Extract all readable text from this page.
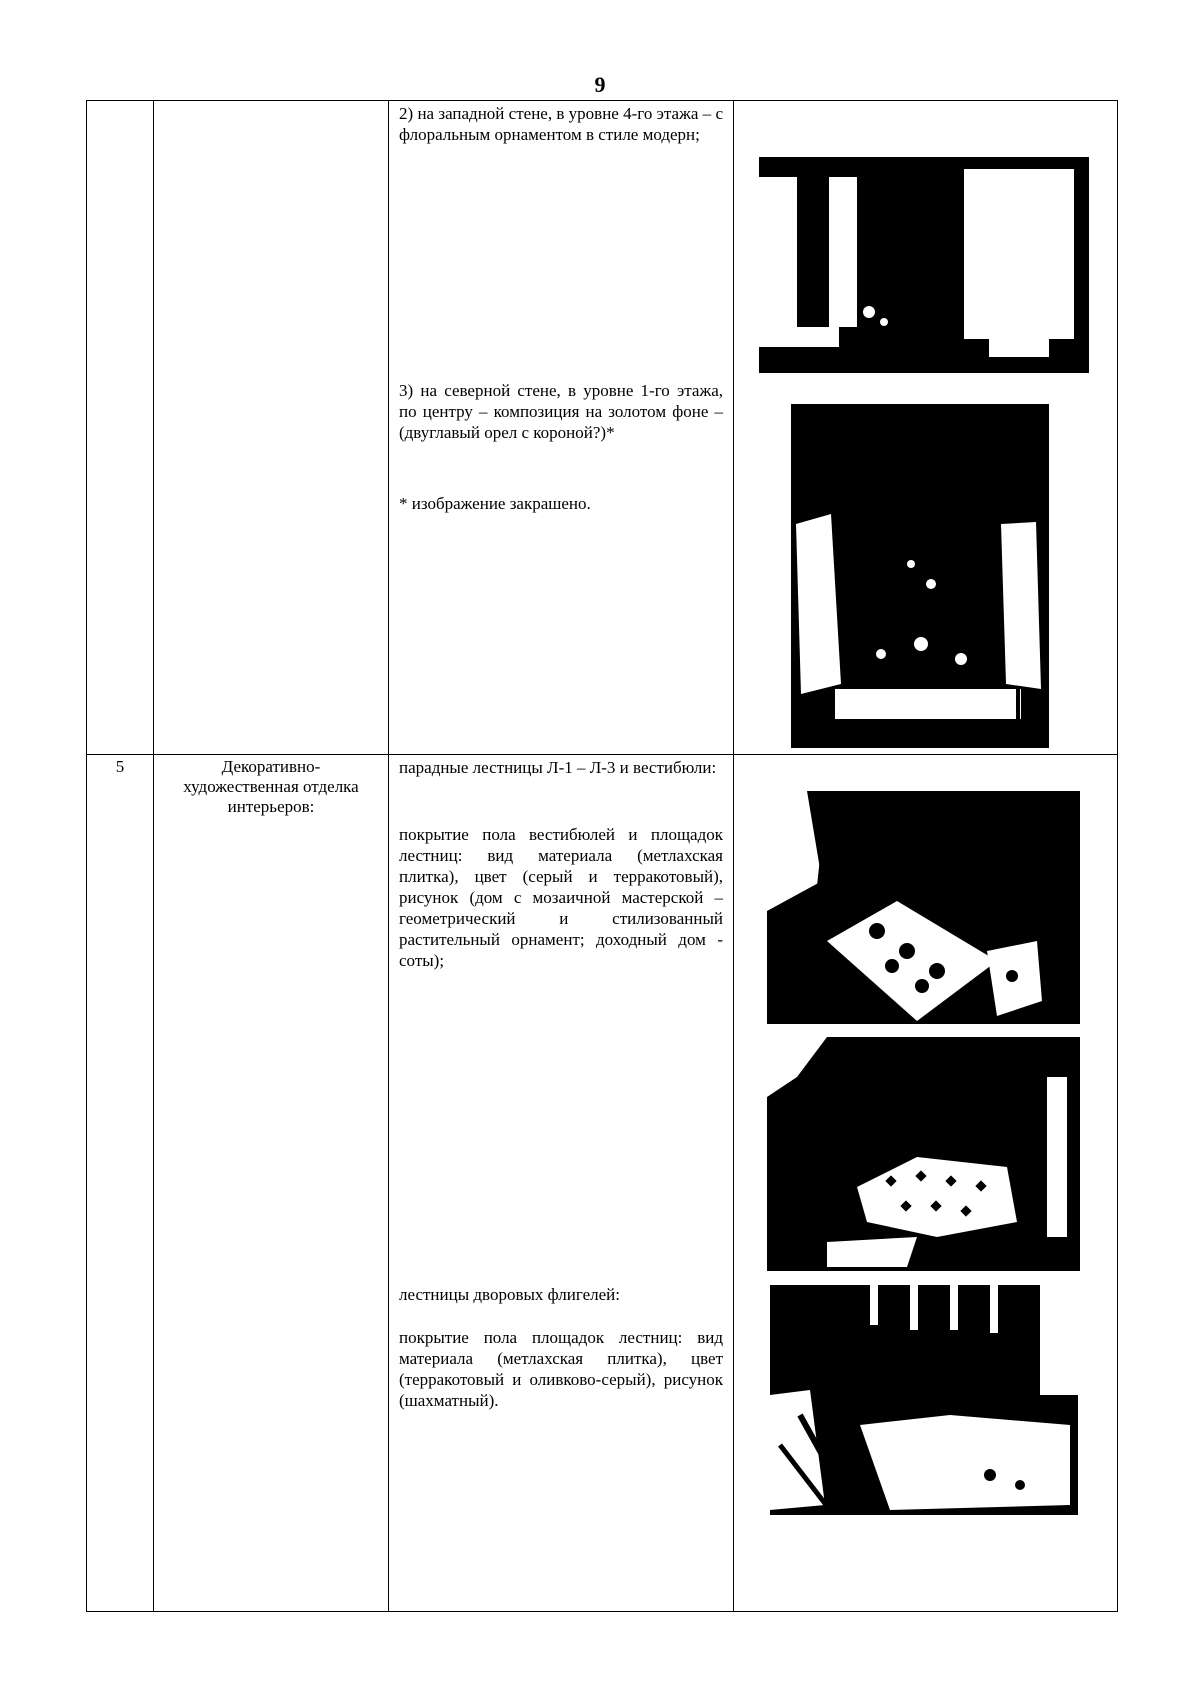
9

		2) на западной стене, в уровне 4-го этажа – с флоральным орнаментом в стиле модерн;

3) на северной стене, в уровне 1-го этажа, по центру – композиция на золотом фоне – (двуглавый орел с короной?)*

* изображение закрашено.

5	Декоративно-художественная отделка интерьеров:	парадные лестницы Л-1 – Л-3 и вестибюли:

покрытие пола вестибюлей и площадок лестниц: вид материала (метлахская плитка), цвет (серый и терракотовый), рисунок (дом с мозаичной мастерской – геометрический и стилизованный растительный орнамент; доходный дом - соты);

лестницы дворовых флигелей:

покрытие пола площадок лестниц: вид материала (метлахская плитка), цвет (терракотовый и оливково-серый), рисунок (шахматный).
